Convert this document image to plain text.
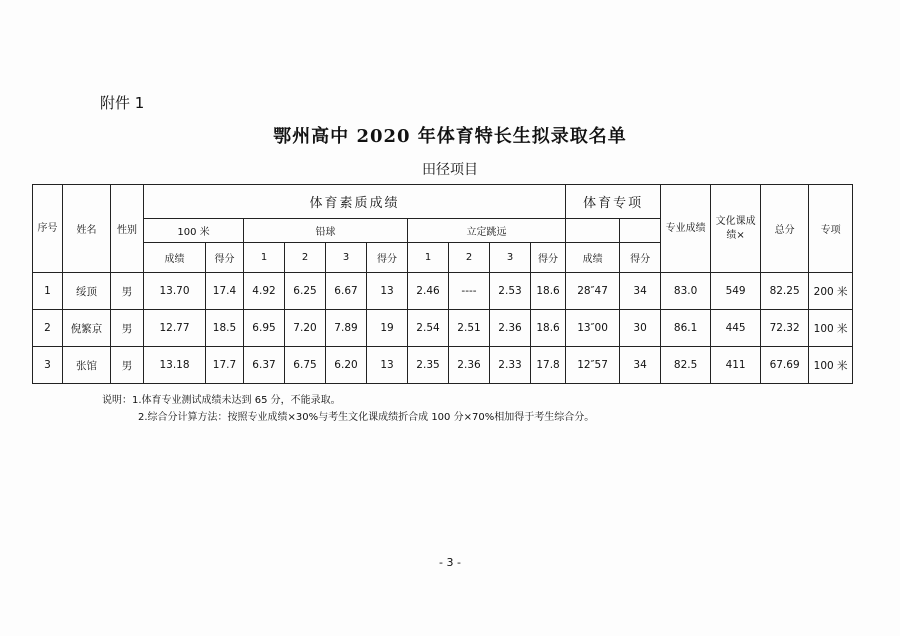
附件 1
鄂州高中 2020 年体育特长生拟录取名单
田径项目
序号	姓名	性别	体育素质成绩										体育专项		专业成绩	文化课成绩×	总分	专项
			100 米		铅球				立定跳远									
			成绩	得分	1	2	3	得分	1	2	3	得分	成绩	得分				
1	绥顶	男	13.70	17.4	4.92	6.25	6.67	13	2.46	----	2.53	18.6	28″47	34	83.0	549	82.25	200 米
2	倪繁京	男	12.77	18.5	6.95	7.20	7.89	19	2.54	2.51	2.36	18.6	13″00	30	86.1	445	72.32	100 米
3	张馆	男	13.18	17.7	6.37	6.75	6.20	13	2.35	2.36	2.33	17.8	12″57	34	82.5	411	67.69	100 米
说明：1.体育专业测试成绩未达到 65 分，不能录取。
2.综合分计算方法：按照专业成绩×30%与考生文化课成绩折合成 100 分×70%相加得于考生综合分。
- 3 -
